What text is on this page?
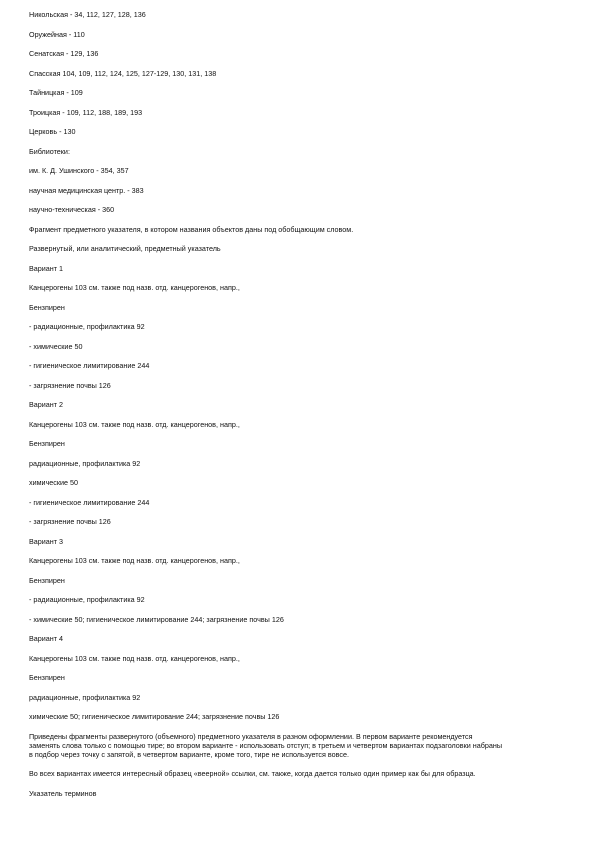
Никольская - 34, 112, 127, 128, 136
Оружейная - 110
Сенатская - 129, 136
Спасская 104, 109, 112, 124, 125, 127-129, 130, 131, 138
Тайницкая - 109
Троицкая - 109, 112, 188, 189, 193
Церковь - 130
Библиотеки:
им. К. Д. Ушинского - 354, 357
научная медицинская центр. - 383
научно-техническая - 360
Фрагмент предметного указателя, в котором названия объектов даны под обобщающим словом.
Развернутый, или аналитический, предметный указатель
Вариант 1
Канцерогены 103 см. также под назв. отд. канцерогенов, напр.,
Бензпирен
- радиационные, профилактика 92
- химические 50
- гигиеническое лимитирование 244
- загрязнение почвы 126
Вариант 2
Канцерогены 103 см. также под назв. отд. канцерогенов, напр.,
Бензпирен
радиационные, профилактика 92
химические 50
- гигиеническое лимитирование 244
- загрязнение почвы 126
Вариант 3
Канцерогены 103 см. также под назв. отд. канцерогенов, напр.,
Бензпирен
- радиационные, профилактика 92
- химические 50; гигиеническое лимитирование 244; загрязнение почвы 126
Вариант 4
Канцерогены 103 см. также под назв. отд. канцерогенов, напр.,
Бензпирен
радиационные, профилактика 92
химические 50; гигиеническое лимитирование 244; загрязнение почвы 126
Приведены фрагменты развернутого (объемного) предметного указателя в разном оформлении. В первом варианте рекомендуется
заменять слова только с помощью тире; во втором варианте - использовать отступ; в третьем и четвертом вариантах подзаголовки набраны
в подбор через точку с запятой, в четвертом варианте, кроме того, тире не используется вовсе.
Во всех вариантах имеется интересный образец «веерной» ссылки, см. также, когда дается только один пример как бы для образца.
Указатель терминов
